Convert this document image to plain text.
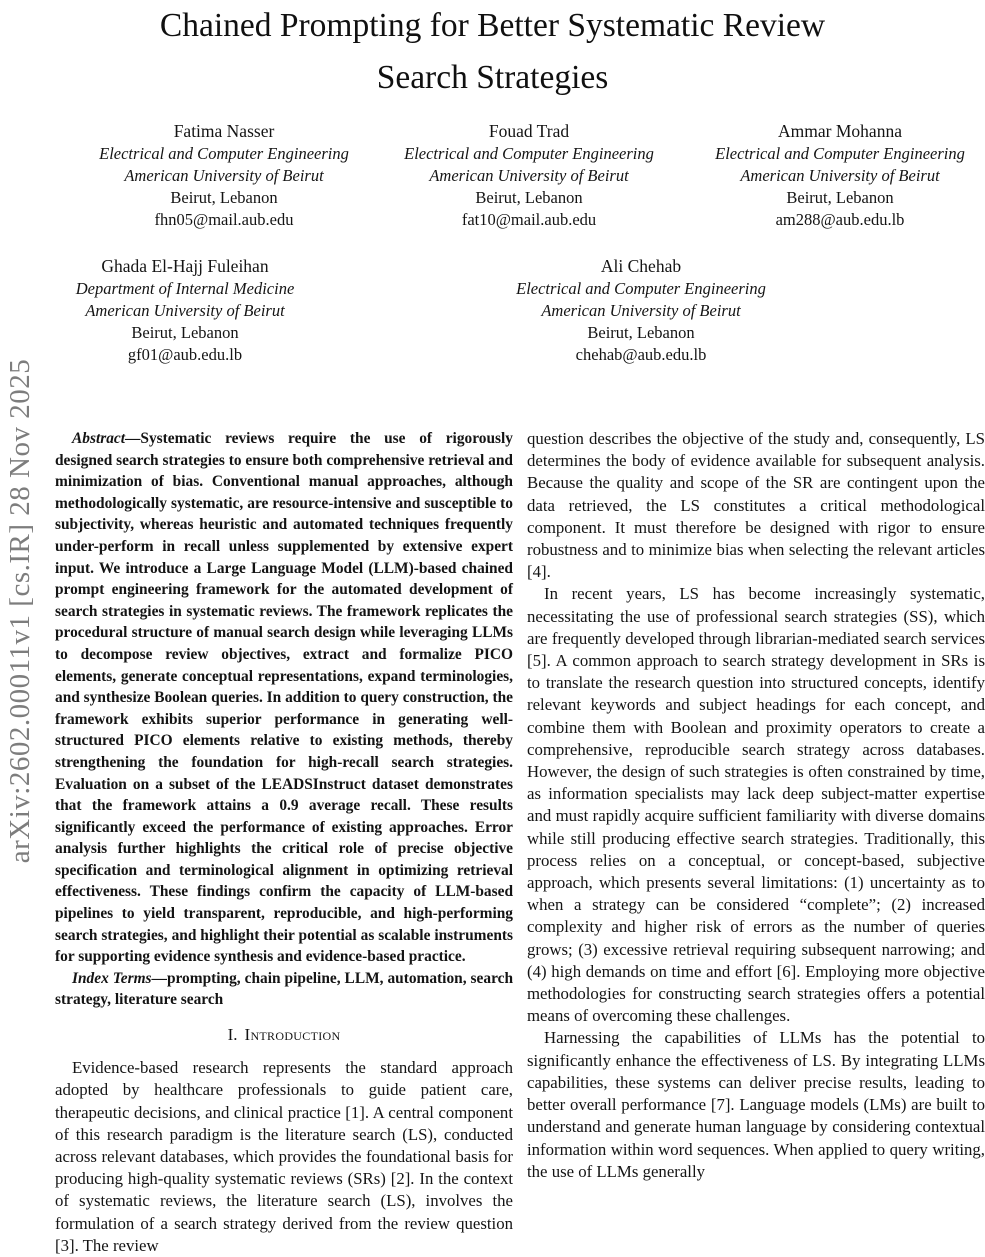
Chained Prompting for Better Systematic Review
Search Strategies
arXiv:2602.00011v1 [cs.IR] 28 Nov 2025
Fatima Nasser
Electrical and Computer Engineering
American University of Beirut
Beirut, Lebanon
fhn05@mail.aub.edu
Fouad Trad
Electrical and Computer Engineering
American University of Beirut
Beirut, Lebanon
fat10@mail.aub.edu
Ammar Mohanna
Electrical and Computer Engineering
American University of Beirut
Beirut, Lebanon
am288@aub.edu.lb
Ghada El-Hajj Fuleihan
Department of Internal Medicine
American University of Beirut
Beirut, Lebanon
gf01@aub.edu.lb
Ali Chehab
Electrical and Computer Engineering
American University of Beirut
Beirut, Lebanon
chehab@aub.edu.lb

Abstract—Systematic reviews require the use of rigorously designed search strategies to ensure both comprehensive retrieval and minimization of bias. Conventional manual approaches, although methodologically systematic, are resource-intensive and susceptible to subjectivity, whereas heuristic and automated techniques frequently under-perform in recall unless supplemented by extensive expert input. We introduce a Large Language Model (LLM)-based chained prompt engineering framework for the automated development of search strategies in systematic reviews. The framework replicates the procedural structure of manual search design while leveraging LLMs to decompose review objectives, extract and formalize PICO elements, generate conceptual representations, expand terminologies, and synthesize Boolean queries. In addition to query construction, the framework exhibits superior performance in generating well-structured PICO elements relative to existing methods, thereby strengthening the foundation for high-recall search strategies. Evaluation on a subset of the LEADSInstruct dataset demonstrates that the framework attains a 0.9 average recall. These results significantly exceed the performance of existing approaches. Error analysis further highlights the critical role of precise objective specification and terminological alignment in optimizing retrieval effectiveness. These findings confirm the capacity of LLM-based pipelines to yield transparent, reproducible, and high-performing search strategies, and highlight their potential as scalable instruments for supporting evidence synthesis and evidence-based practice.

Index Terms—prompting, chain pipeline, LLM, automation, search strategy, literature search

I. Introduction

Evidence-based research represents the standard approach adopted by healthcare professionals to guide patient care, therapeutic decisions, and clinical practice [1]. A central component of this research paradigm is the literature search (LS), conducted across relevant databases, which provides the foundational basis for producing high-quality systematic reviews (SRs) [2]. In the context of systematic reviews, the literature search (LS), involves the formulation of a search strategy derived from the review question [3]. The review

question describes the objective of the study and, consequently, LS determines the body of evidence available for subsequent analysis. Because the quality and scope of the SR are contingent upon the data retrieved, the LS constitutes a critical methodological component. It must therefore be designed with rigor to ensure robustness and to minimize bias when selecting the relevant articles [4].

In recent years, LS has become increasingly systematic, necessitating the use of professional search strategies (SS), which are frequently developed through librarian-mediated search services [5]. A common approach to search strategy development in SRs is to translate the research question into structured concepts, identify relevant keywords and subject headings for each concept, and combine them with Boolean and proximity operators to create a comprehensive, reproducible search strategy across databases. However, the design of such strategies is often constrained by time, as information specialists may lack deep subject-matter expertise and must rapidly acquire sufficient familiarity with diverse domains while still producing effective search strategies. Traditionally, this process relies on a conceptual, or concept-based, subjective approach, which presents several limitations: (1) uncertainty as to when a strategy can be considered “complete”; (2) increased complexity and higher risk of errors as the number of queries grows; (3) excessive retrieval requiring subsequent narrowing; and (4) high demands on time and effort [6]. Employing more objective methodologies for constructing search strategies offers a potential means of overcoming these challenges.

Harnessing the capabilities of LLMs has the potential to significantly enhance the effectiveness of LS. By integrating LLMs capabilities, these systems can deliver precise results, leading to better overall performance [7]. Language models (LMs) are built to understand and generate human language by considering contextual information within word sequences. When applied to query writing, the use of LLMs generally
